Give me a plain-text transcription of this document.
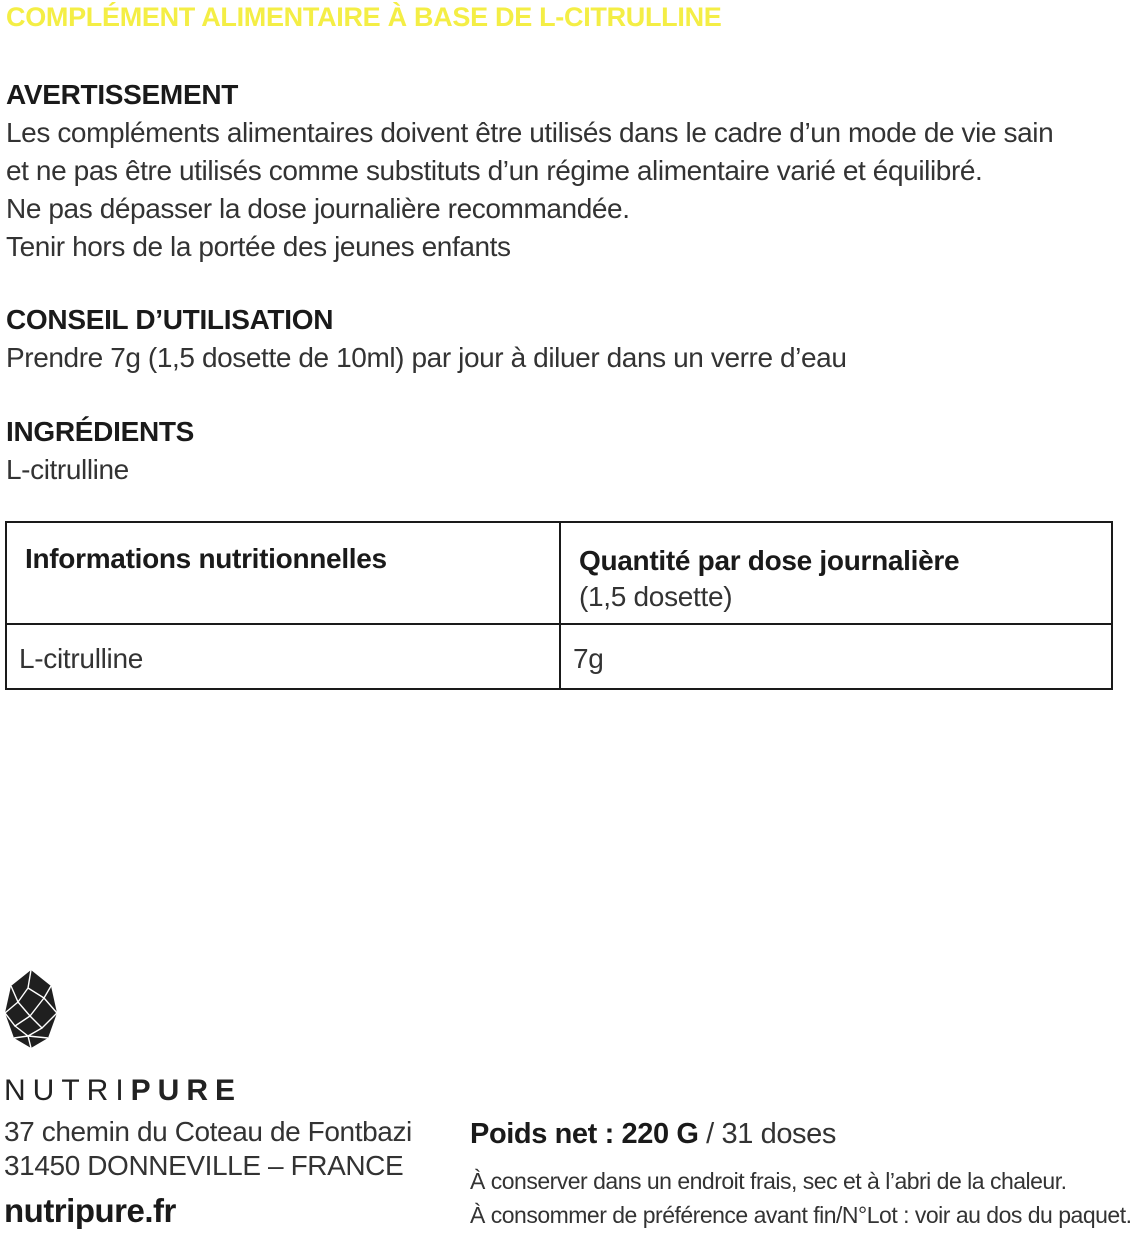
COMPLÉMENT ALIMENTAIRE À BASE DE L-CITRULLINE
AVERTISSEMENT
Les compléments alimentaires doivent être utilisés dans le cadre d’un mode de vie sain
et ne pas être utilisés comme substituts d’un régime alimentaire varié et équilibré.
Ne pas dépasser la dose journalière recommandée.
Tenir hors de la portée des jeunes enfants
CONSEIL D’UTILISATION
Prendre 7g (1,5 dosette de 10ml) par jour à diluer dans un verre d’eau
INGRÉDIENTS
L-citrulline
Informations nutritionnelles	Quantité par dose journalière
(1,5 dosette)

L-citrulline	7g
NUTRIPURE
37 chemin du Coteau de Fontbazi
31450 DONNEVILLE – FRANCE
nutripure.fr
Poids net : 220 G / 31 doses
À conserver dans un endroit frais, sec et à l’abri de la chaleur.
À consommer de préférence avant fin/N°Lot : voir au dos du paquet.
